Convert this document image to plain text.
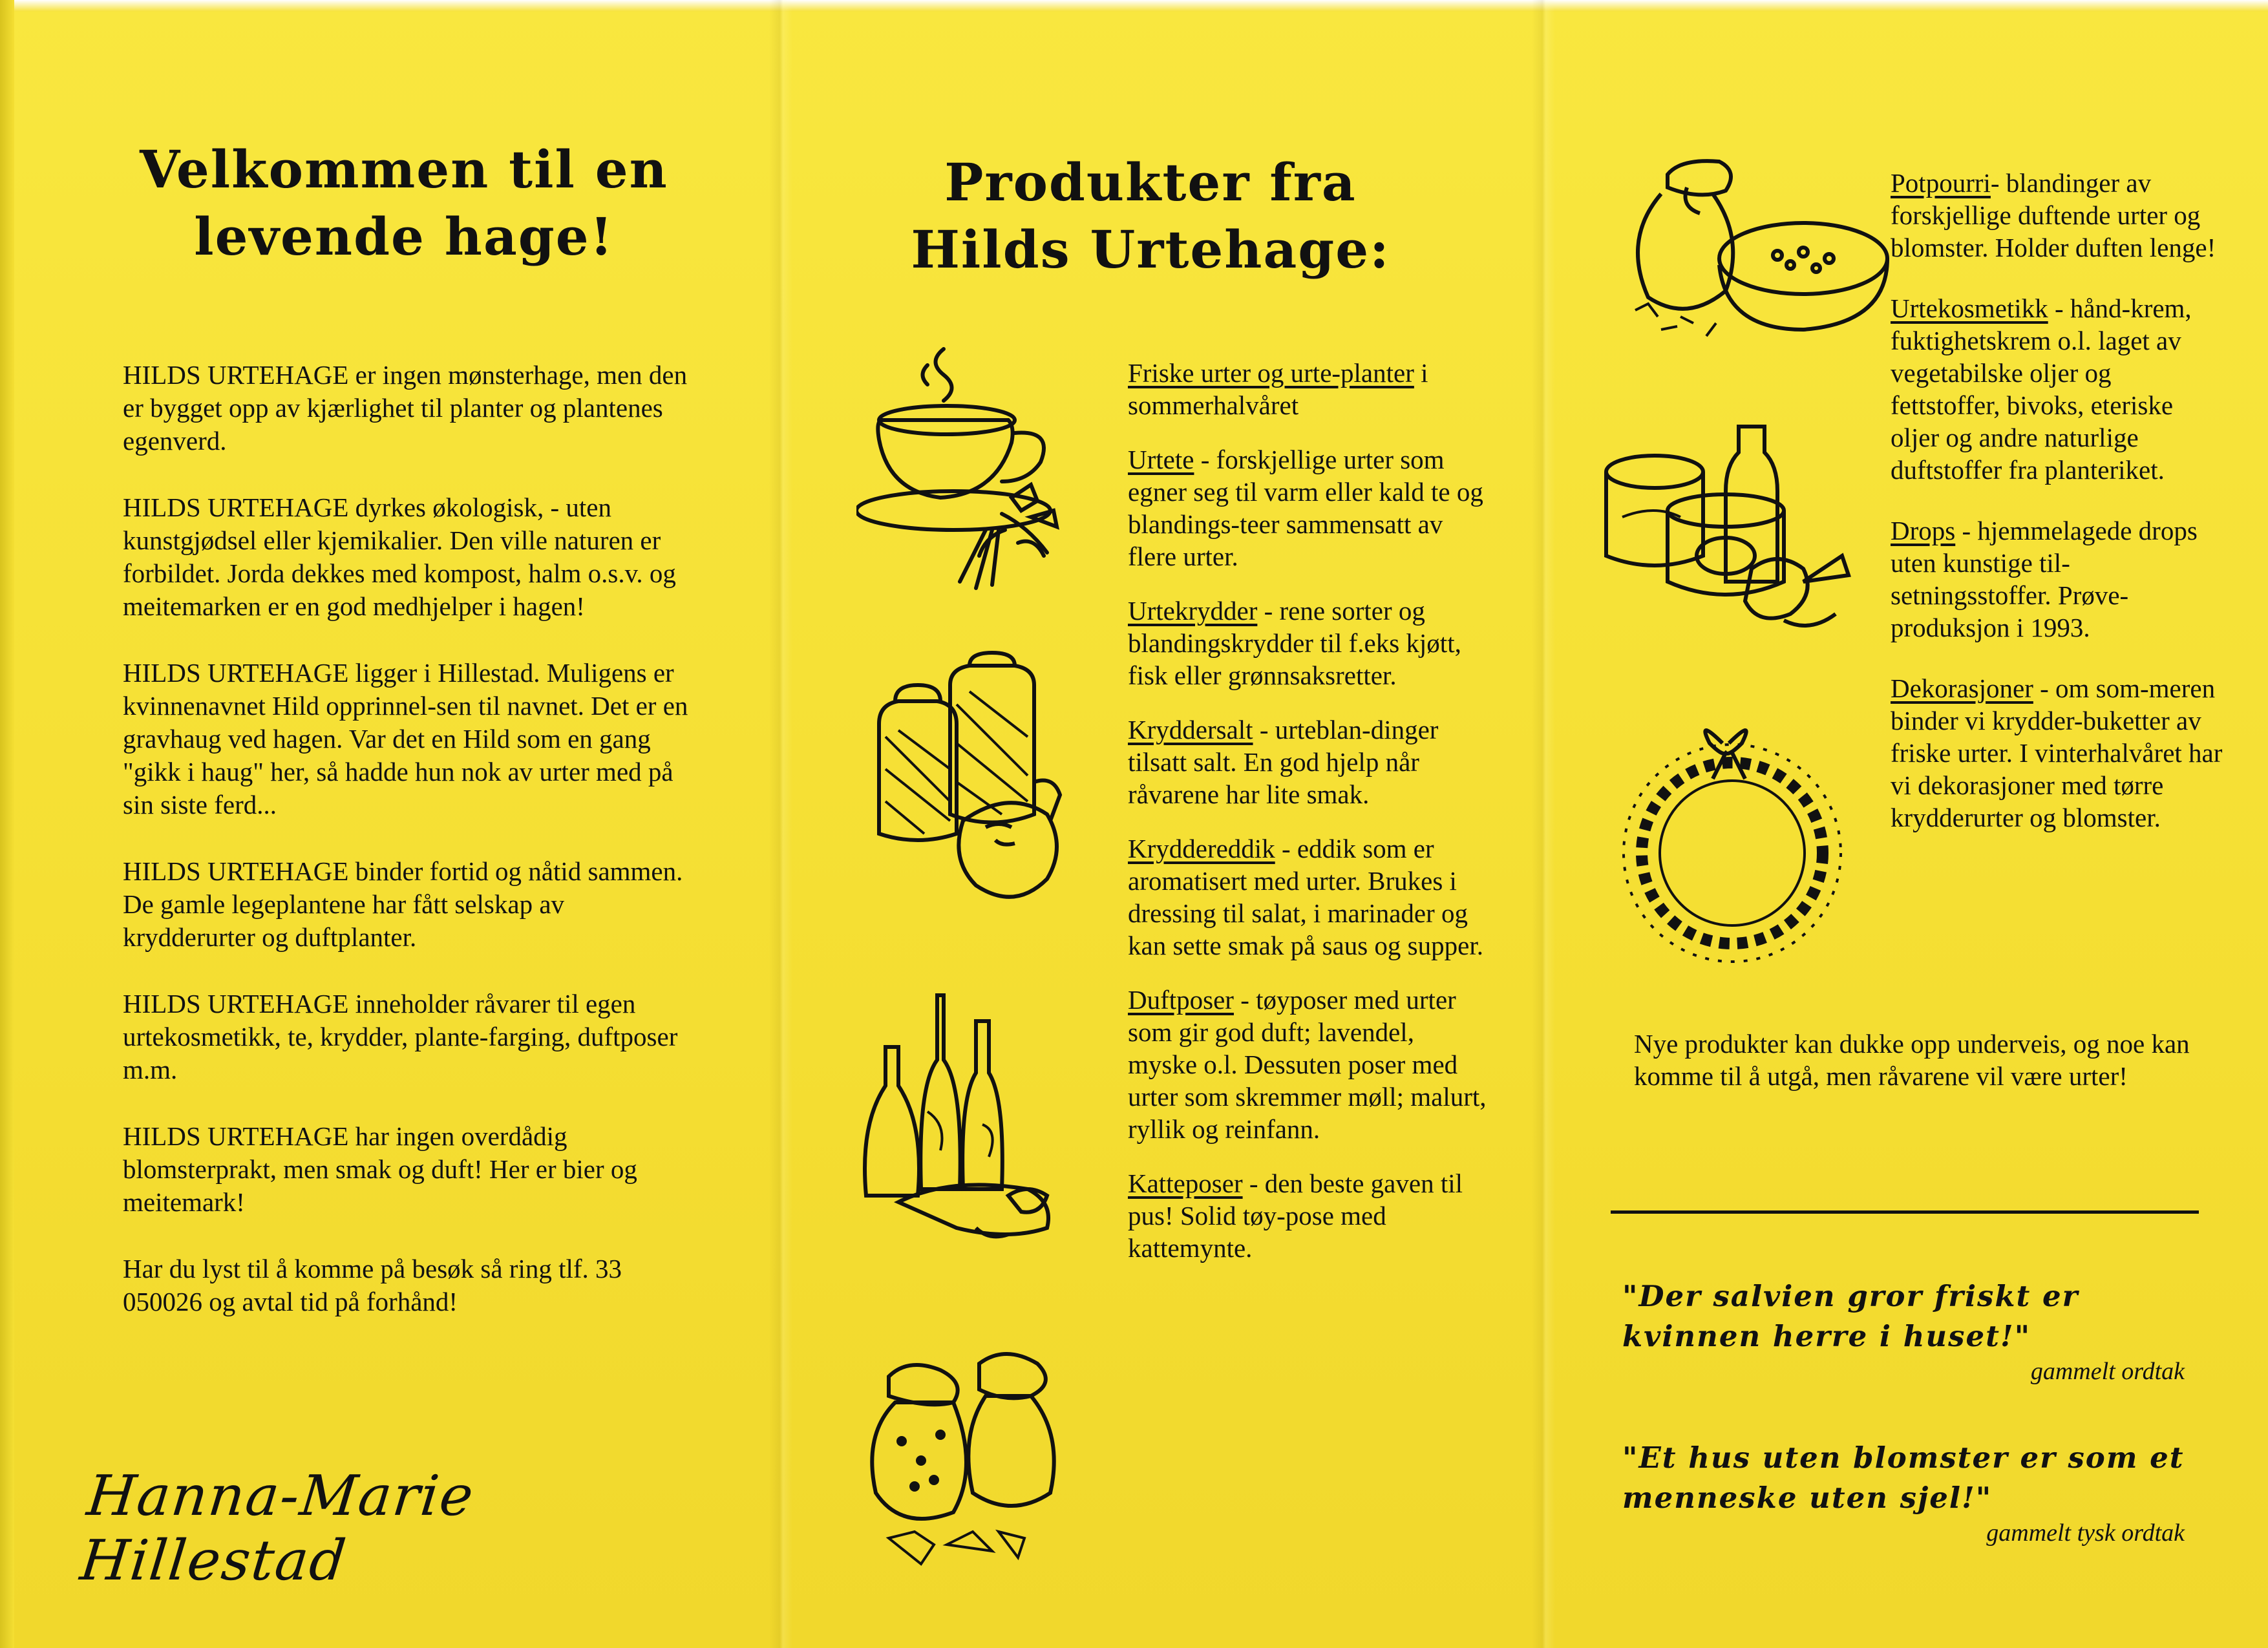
Velkommen til en
levende hage!

HILDS URTEHAGE er ingen mønsterhage, men den er bygget opp av kjærlighet til planter og plantenes egenverd.

HILDS URTEHAGE dyrkes økologisk, - uten kunstgjødsel eller kjemikalier. Den ville naturen er forbildet. Jorda dekkes med kompost, halm o.s.v. og meitemarken er en god medhjelper i hagen!

HILDS URTEHAGE ligger i Hillestad. Muligens er kvinnenavnet Hild opprinnel-sen til navnet. Det er en gravhaug ved hagen. Var det en Hild som en gang "gikk i haug" her, så hadde hun nok av urter med på sin siste ferd...

HILDS URTEHAGE binder fortid og nåtid sammen. De gamle legeplantene har fått selskap av krydderurter og duftplanter.

HILDS URTEHAGE inneholder råvarer til egen urtekosmetikk, te, krydder, plante-farging, duftposer m.m.

HILDS URTEHAGE har ingen overdådig blomsterprakt, men smak og duft! Her er bier og meitemark!

Har du lyst til å komme på besøk så ring tlf. 33 050026 og avtal tid på forhånd!

Hanna-Marie Hillestad
Produkter fra
Hilds Urtehage:

Friske urter og urte-planter i sommerhalvåret

Urtete - forskjellige urter som egner seg til varm eller kald te og blandings-teer sammensatt av flere urter.

Urtekrydder - rene sorter og blandingskrydder til f.eks kjøtt, fisk eller grønnsaksretter.

Kryddersalt - urteblan-dinger tilsatt salt. En god hjelp når råvarene har lite smak.

Kryddereddik - eddik som er aromatisert med urter. Brukes i dressing til salat, i marinader og kan sette smak på saus og supper.

Duftposer - tøyposer med urter som gir god duft; lavendel, myske o.l. Dessuten poser med urter som skremmer møll; malurt, ryllik og reinfann.

Katteposer - den beste gaven til pus! Solid tøy-pose med kattemynte.

Potpourri- blandinger av forskjellige duftende urter og blomster. Holder duften lenge!

Urtekosmetikk - hånd-krem, fuktighetskrem o.l. laget av vegetabilske oljer og fettstoffer, bivoks, eteriske oljer og andre naturlige duftstoffer fra planteriket.

Drops - hjemmelagede drops uten kunstige til-setningsstoffer. Prøve-produksjon i 1993.

Dekorasjoner - om som-meren binder vi krydder-buketter av friske urter. I vinterhalvåret har vi dekorasjoner med tørre krydderurter og blomster.

Nye produkter kan dukke opp underveis, og noe kan komme til å utgå, men råvarene vil være urter!
"Der salvien gror friskt er kvinnen herre i huset!"
gammelt ordtak
"Et hus uten blomster er som et menneske uten sjel!"
gammelt tysk ordtak
